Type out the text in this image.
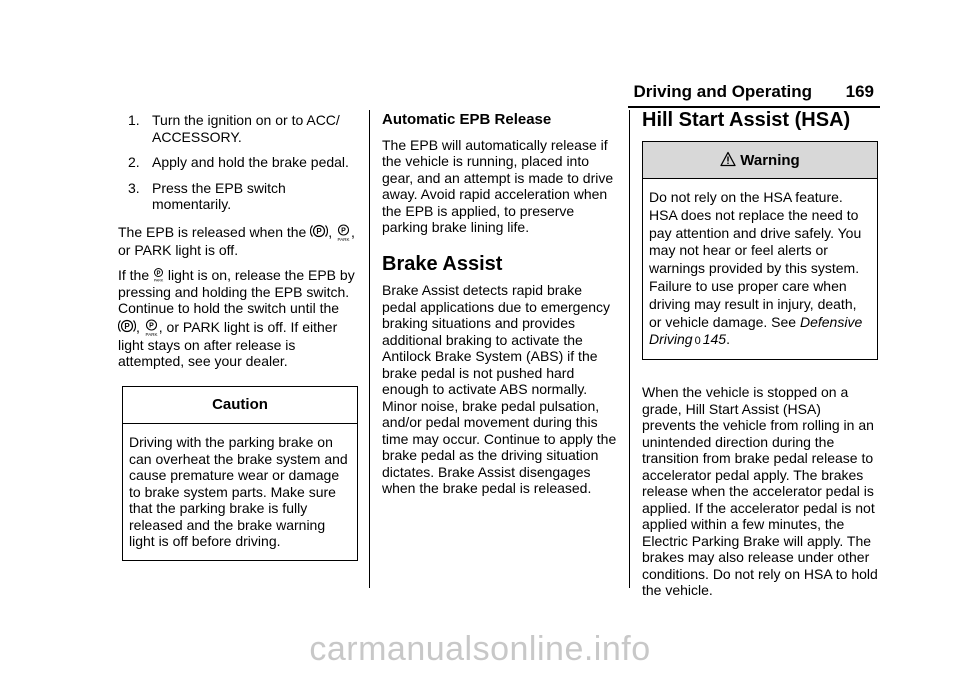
Driving and Operating 169
1. Turn the ignition on or to ACC/ ACCESSORY.
2. Apply and hold the brake pedal.
3. Press the EPB switch momentarily.

The EPB is released when the P , P
PARK , or PARK light is off.

If the P
PARK light is on, release the EPB by pressing and holding the EPB switch. Continue to hold the switch until the
P , P
PARK , or PARK light is off. If either light stays on after release is attempted, see your dealer.

Caution
Driving with the parking brake on can overheat the brake system and cause premature wear or damage to brake system parts. Make sure that the parking brake is fully released and the brake warning light is off before driving.
Automatic EPB Release

The EPB will automatically release if the vehicle is running, placed into gear, and an attempt is made to drive away. Avoid rapid acceleration when the EPB is applied, to preserve parking brake lining life.

Brake Assist

Brake Assist detects rapid brake pedal applications due to emergency braking situations and provides additional braking to activate the Antilock Brake System (ABS) if the brake pedal is not pushed hard enough to activate ABS normally. Minor noise, brake pedal pulsation, and/or pedal movement during this time may occur. Continue to apply the brake pedal as the driving situation dictates. Brake Assist disengages when the brake pedal is released.

Hill Start Assist (HSA)
Warning
Do not rely on the HSA feature. HSA does not replace the need to pay attention and drive safely. You may not hear or feel alerts or warnings provided by this system. Failure to use proper care when driving may result in injury, death, or vehicle damage. See Defensive Driving 0 145.

When the vehicle is stopped on a grade, Hill Start Assist (HSA) prevents the vehicle from rolling in an unintended direction during the transition from brake pedal release to accelerator pedal apply. The brakes release when the accelerator pedal is applied. If the accelerator pedal is not applied within a few minutes, the Electric Parking Brake will apply. The brakes may also release under other conditions. Do not rely on HSA to hold the vehicle.

carmanualsonline.info
